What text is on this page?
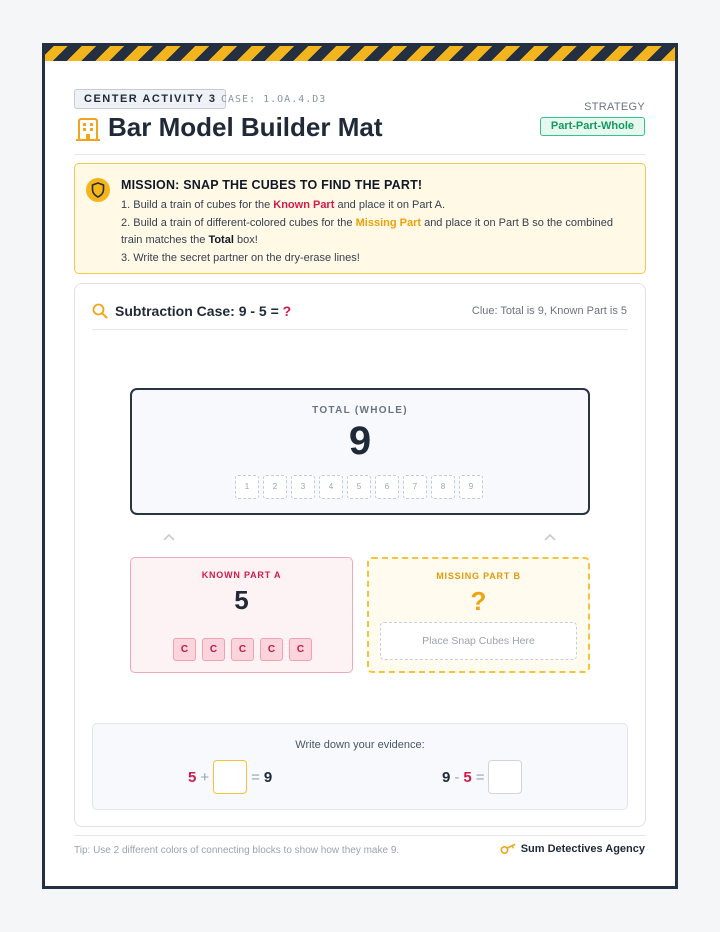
CENTER ACTIVITY 3 CASE: 1.OA.4.D3
Bar Model Builder Mat
STRATEGY
Part-Part-Whole
MISSION: SNAP THE CUBES TO FIND THE PART!
1. Build a train of cubes for the Known Part and place it on Part A.
2. Build a train of different-colored cubes for the Missing Part and place it on Part B so the combined train matches the Total box!
3. Write the secret partner on the dry-erase lines!
Subtraction Case: 9 - 5 = ?	Clue: Total is 9, Known Part is 5
TOTAL (WHOLE)
9
1	2	3	4	5	6	7	8	9
KNOWN PART A
5
C	C	C	C	C
MISSING PART B
?
Place Snap Cubes Here
Write down your evidence:
5 +	= 9	9 - 5 =
Tip: Use 2 different colors of connecting blocks to show how they make 9.	Sum Detectives Agency
